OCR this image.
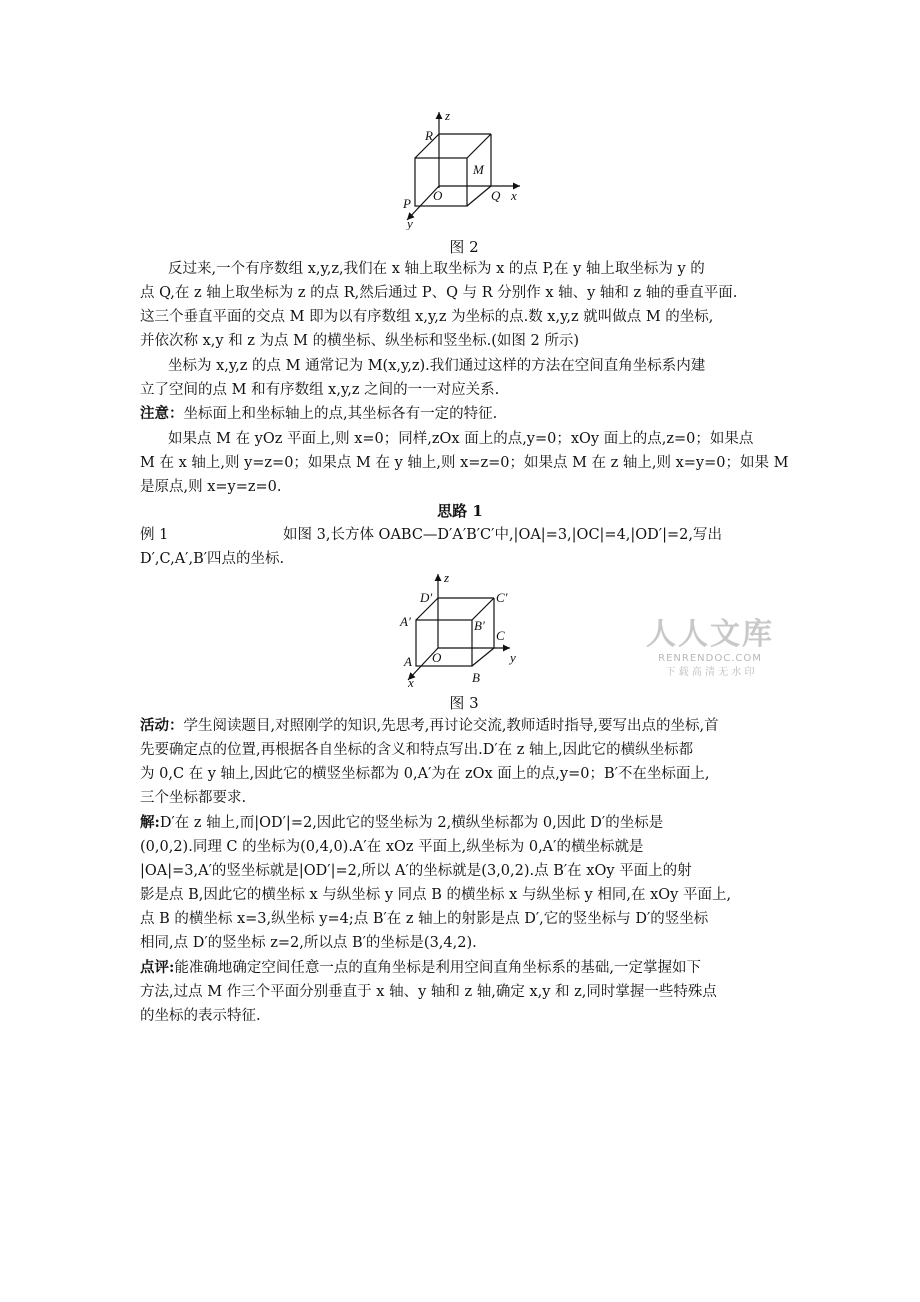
z
R
M
O	Q x
P
y
图 2
反过来,一个有序数组 x,y,z,我们在 x 轴上取坐标为 x 的点 P,在 y 轴上取坐标为 y 的
点 Q,在 z 轴上取坐标为 z 的点 R,然后通过 P、Q 与 R 分别作 x 轴、y 轴和 z 轴的垂直平面.
这三个垂直平面的交点 M 即为以有序数组 x,y,z 为坐标的点.数 x,y,z 就叫做点 M 的坐标,
并依次称 x,y 和 z 为点 M 的横坐标、纵坐标和竖坐标.(如图 2 所示)
坐标为 x,y,z 的点 M 通常记为 M(x,y,z).我们通过这样的方法在空间直角坐标系内建
立了空间的点 M 和有序数组 x,y,z 之间的一一对应关系.
注意：坐标面上和坐标轴上的点,其坐标各有一定的特征.
如果点 M 在 yOz 平面上,则 x=0；同样,zOx 面上的点,y=0；xOy 面上的点,z=0；如果点
M 在 x 轴上,则 y=z=0；如果点 M 在 y 轴上,则 x=z=0；如果点 M 在 z 轴上,则 x=y=0；如果 M
是原点,则 x=y=z=0.
思路 1
例 1	如图 3,长方体 OABC—D′A′B′C′中,|OA|=3,|OC|=4,|OD′|=2,写出
D′,C,A′,B′四点的坐标.
z
D′	C′
A′	B′
C
O	y
A
B
x
图 3
人人文库
RENRENDOC.COM
下 载 高 清 无 水 印
活动：学生阅读题目,对照刚学的知识,先思考,再讨论交流,教师适时指导,要写出点的坐标,首
先要确定点的位置,再根据各自坐标的含义和特点写出.D′在 z 轴上,因此它的横纵坐标都
为 0,C 在 y 轴上,因此它的横竖坐标都为 0,A′为在 zOx 面上的点,y=0；B′不在坐标面上,
三个坐标都要求.
解:D′在 z 轴上,而|OD′|=2,因此它的竖坐标为 2,横纵坐标都为 0,因此 D′的坐标是
(0,0,2).同理 C 的坐标为(0,4,0).A′在 xOz 平面上,纵坐标为 0,A′的横坐标就是
|OA|=3,A′的竖坐标就是|OD′|=2,所以 A′的坐标就是(3,0,2).点 B′在 xOy 平面上的射
影是点 B,因此它的横坐标 x 与纵坐标 y 同点 B 的横坐标 x 与纵坐标 y 相同,在 xOy 平面上,
点 B 的横坐标 x=3,纵坐标 y=4;点 B′在 z 轴上的射影是点 D′,它的竖坐标与 D′的竖坐标
相同,点 D′的竖坐标 z=2,所以点 B′的坐标是(3,4,2).
点评:能准确地确定空间任意一点的直角坐标是利用空间直角坐标系的基础,一定掌握如下
方法,过点 M 作三个平面分别垂直于 x 轴、y 轴和 z 轴,确定 x,y 和 z,同时掌握一些特殊点
的坐标的表示特征.
